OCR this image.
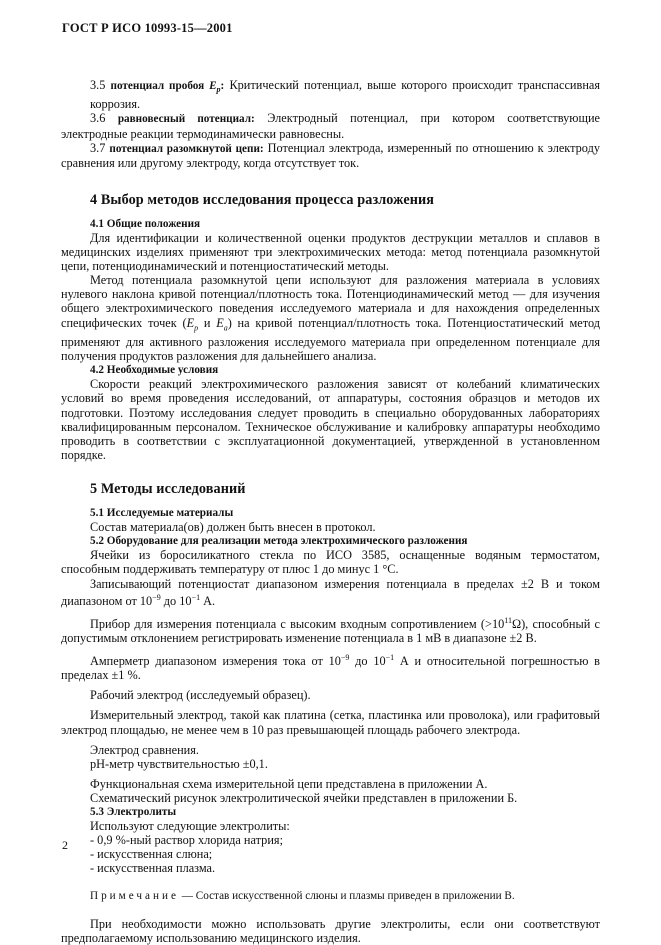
ГОСТ Р ИСО 10993-15—2001

3.5 потенциал пробоя $E_p$: Критический потенциал, выше которого происходит транспассивная коррозия.

3.6 равновесный потенциал: Электродный потенциал, при котором соответствующие электродные реакции термодинамически равновесны.

3.7 потенциал разомкнутой цепи: Потенциал электрода, измеренный по отношению к электроду сравнения или другому электроду, когда отсутствует ток.

4 Выбор методов исследования процесса разложения

4.1 Общие положения

Для идентификации и количественной оценки продуктов деструкции металлов и сплавов в медицинских изделиях применяют три электрохимических метода: метод потенциала разомкнутой цепи, потенциодинамический и потенциостатический методы.

Метод потенциала разомкнутой цепи используют для разложения материала в условиях нулевого наклона кривой потенциал/плотность тока. Потенциодинамический метод — для изучения общего электрохимического поведения исследуемого материала и для нахождения определенных специфических точек ($E_p$ и $E_a$) на кривой потенциал/плотность тока. Потенциостатический метод применяют для активного разложения исследуемого материала при определенном потенциале для получения продуктов разложения для дальнейшего анализа.

4.2 Необходимые условия

Скорости реакций электрохимического разложения зависят от колебаний климатических условий во время проведения исследований, от аппаратуры, состояния образцов и методов их подготовки. Поэтому исследования следует проводить в специально оборудованных лабораториях квалифицированным персоналом. Техническое обслуживание и калибровку аппаратуры необходимо проводить в соответствии с эксплуатационной документацией, утвержденной в установленном порядке.

5 Методы исследований

5.1 Исследуемые материалы

Состав материала(ов) должен быть внесен в протокол.

5.2 Оборудование для реализации метода электрохимического разложения

Ячейки из боросиликатного стекла по ИСО 3585, оснащенные водяным термостатом, способным поддерживать температуру от плюс 1 до минус 1 °С.

Записывающий потенциостат диапазоном измерения потенциала в пределах ±2 В и током диапазоном от $10^{-9}$ до $10^{-1}$ А.

Прибор для измерения потенциала с высоким входным сопротивлением $(>10^{11}\Omega)$, способный с допустимым отклонением регистрировать изменение потенциала в 1 мВ в диапазоне ±2 В.

Амперметр диапазоном измерения тока от $10^{-9}$ до $10^{-1}$ А и относительной погрешностью в пределах ±1 %.

Рабочий электрод (исследуемый образец).

Измерительный электрод, такой как платина (сетка, пластинка или проволока), или графитовый электрод площадью, не менее чем в 10 раз превышающей площадь рабочего электрода.

Электрод сравнения.

pH-метр чувствительностью ±0,1.

Функциональная схема измерительной цепи представлена в приложении А.

Схематический рисунок электролитической ячейки представлен в приложении Б.

5.3 Электролиты

Используют следующие электролиты:

- 0,9 %-ный раствор хлорида натрия;

- искусственная слюна;

- искусственная плазма.

Примечание — Состав искусственной слюны и плазмы приведен в приложении В.

При необходимости можно использовать другие электролиты, если они соответствуют предполагаемому использованию медицинского изделия.

2
